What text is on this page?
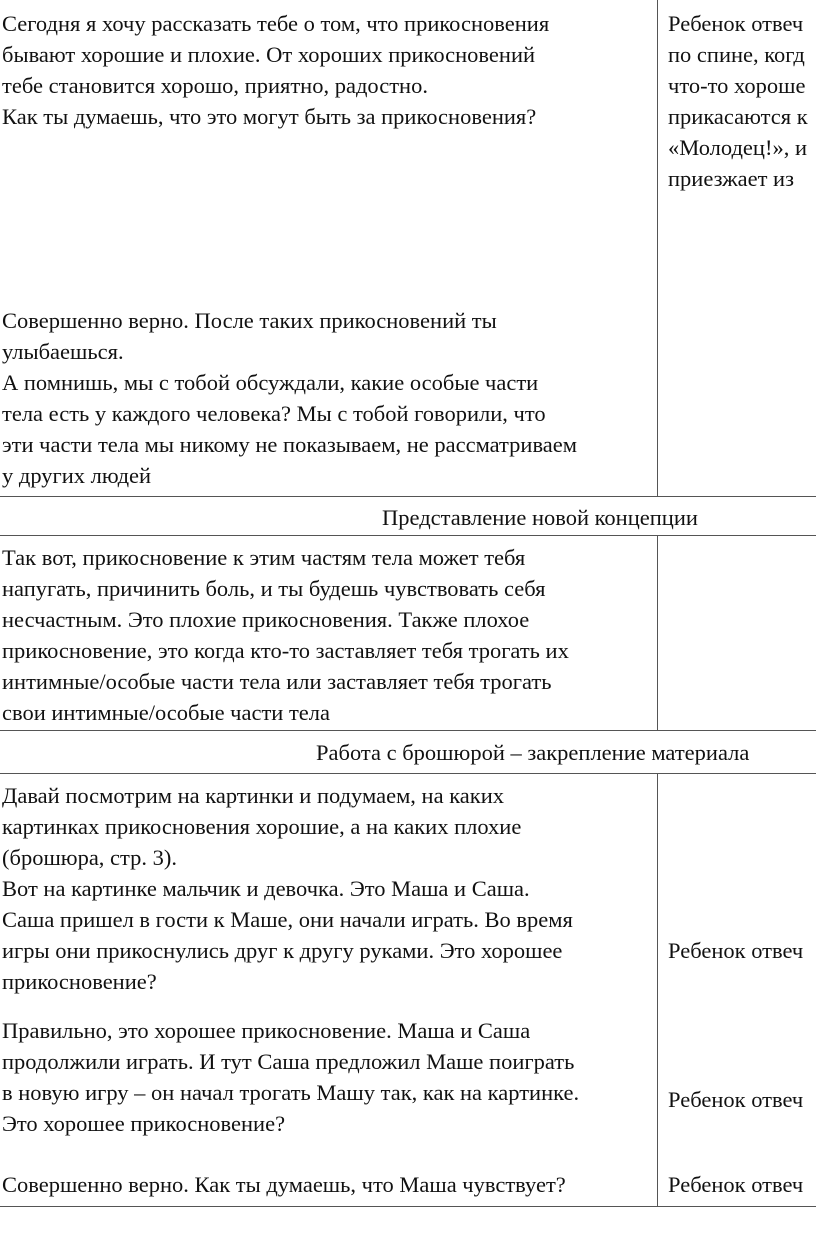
Сегодня я хочу рассказать тебе о том, что прикосновения
бывают хорошие и плохие. От хороших прикосновений
тебе становится хорошо, приятно, радостно.
Как ты думаешь, что это могут быть за прикосновения?
Совершенно верно. После таких прикосновений ты
улыбаешься.
А помнишь, мы с тобой обсуждали, какие особые части
тела есть у каждого человека? Мы с тобой говорили, что
эти части тела мы никому не показываем, не рассматриваем
у других людей
Ребенок отвеч
по спине, когд
что-то хороше
прикасаются к
«Молодец!», и
приезжает из
Представление новой концепции
Так вот, прикосновение к этим частям тела может тебя
напугать, причинить боль, и ты будешь чувствовать себя
несчастным. Это плохие прикосновения. Также плохое
прикосновение, это когда кто-то заставляет тебя трогать их
интимные/особые части тела или заставляет тебя трогать
свои интимные/особые части тела
Работа с брошюрой – закрепление материала
Давай посмотрим на картинки и подумаем, на каких
картинках прикосновения хорошие, а на каких плохие
(брошюра, стр. 3).
Вот на картинке мальчик и девочка. Это Маша и Саша.
Саша пришел в гости к Маше, они начали играть. Во время
игры они прикоснулись друг к другу руками. Это хорошее
прикосновение?
Правильно, это хорошее прикосновение. Маша и Саша
продолжили играть. И тут Саша предложил Маше поиграть
в новую игру – он начал трогать Машу так, как на картинке.
Это хорошее прикосновение?
Совершенно верно. Как ты думаешь, что Маша чувствует?
Ребенок отвеч
Ребенок отвеч
Ребенок отвеч
